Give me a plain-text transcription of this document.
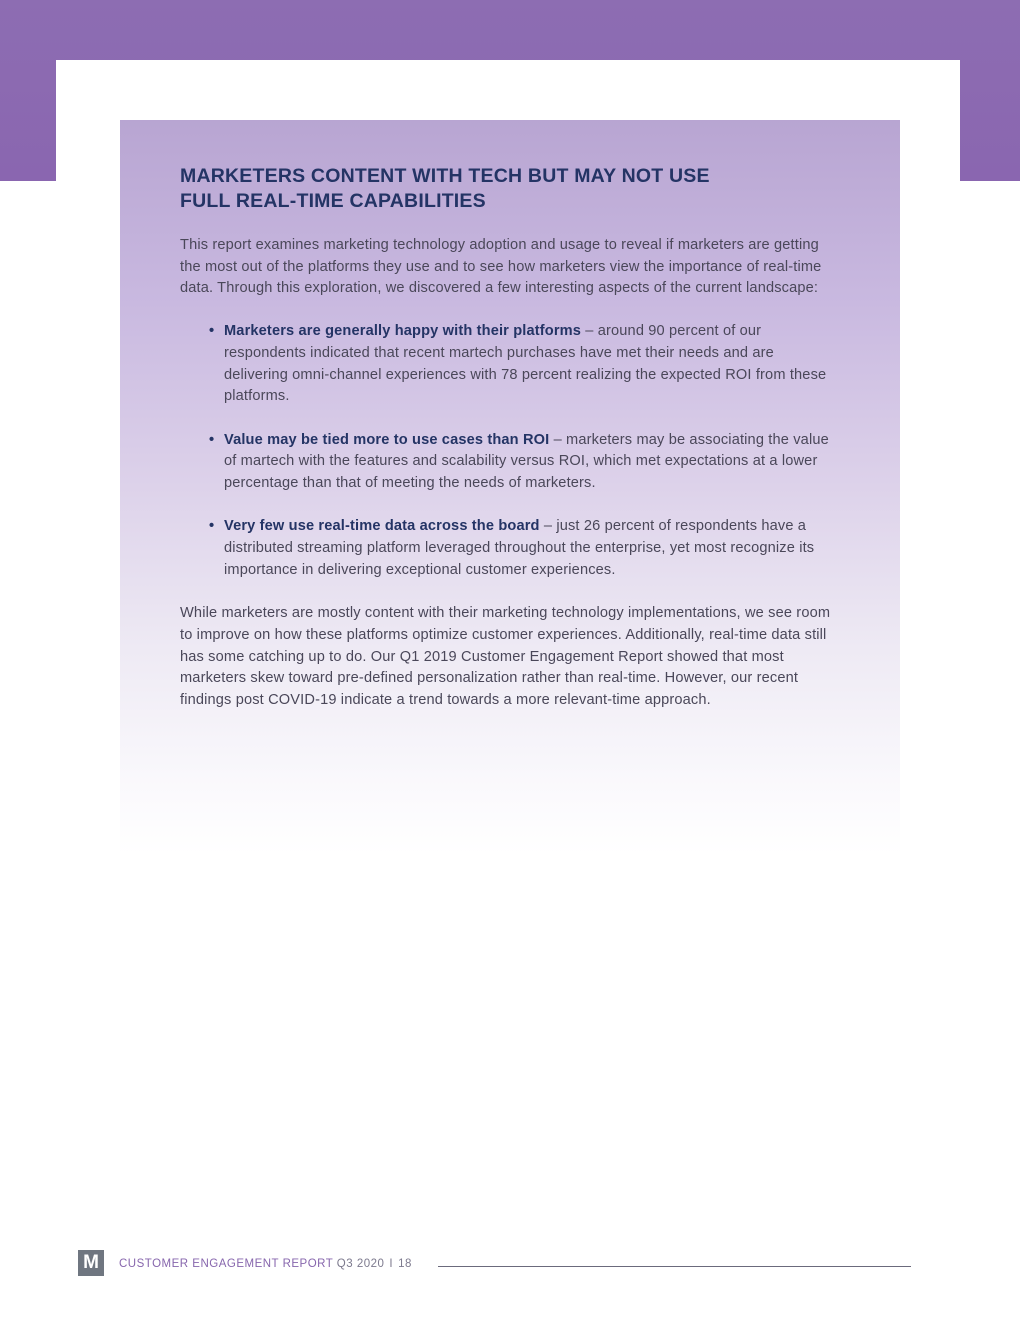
MARKETERS CONTENT WITH TECH BUT MAY NOT USE
FULL REAL-TIME CAPABILITIES

This report examines marketing technology adoption and usage to reveal if marketers are getting the most out of the platforms they use and to see how marketers view the importance of real-time data. Through this exploration, we discovered a few interesting aspects of the current landscape:

• Marketers are generally happy with their platforms – around 90 percent of our respondents indicated that recent martech purchases have met their needs and are delivering omni-channel experiences with 78 percent realizing the expected ROI from these platforms.
• Value may be tied more to use cases than ROI – marketers may be associating the value of martech with the features and scalability versus ROI, which met expectations at a lower percentage than that of meeting the needs of marketers.
• Very few use real-time data across the board – just 26 percent of respondents have a distributed streaming platform leveraged throughout the enterprise, yet most recognize its importance in delivering exceptional customer experiences.

While marketers are mostly content with their marketing technology implementations, we see room to improve on how these platforms optimize customer experiences. Additionally, real-time data still has some catching up to do. Our Q1 2019 Customer Engagement Report showed that most marketers skew toward pre-defined personalization rather than real-time. However, our recent findings post COVID-19 indicate a trend towards a more relevant-time approach.

M	CUSTOMER ENGAGEMENT REPORT Q3 2020 I 18
